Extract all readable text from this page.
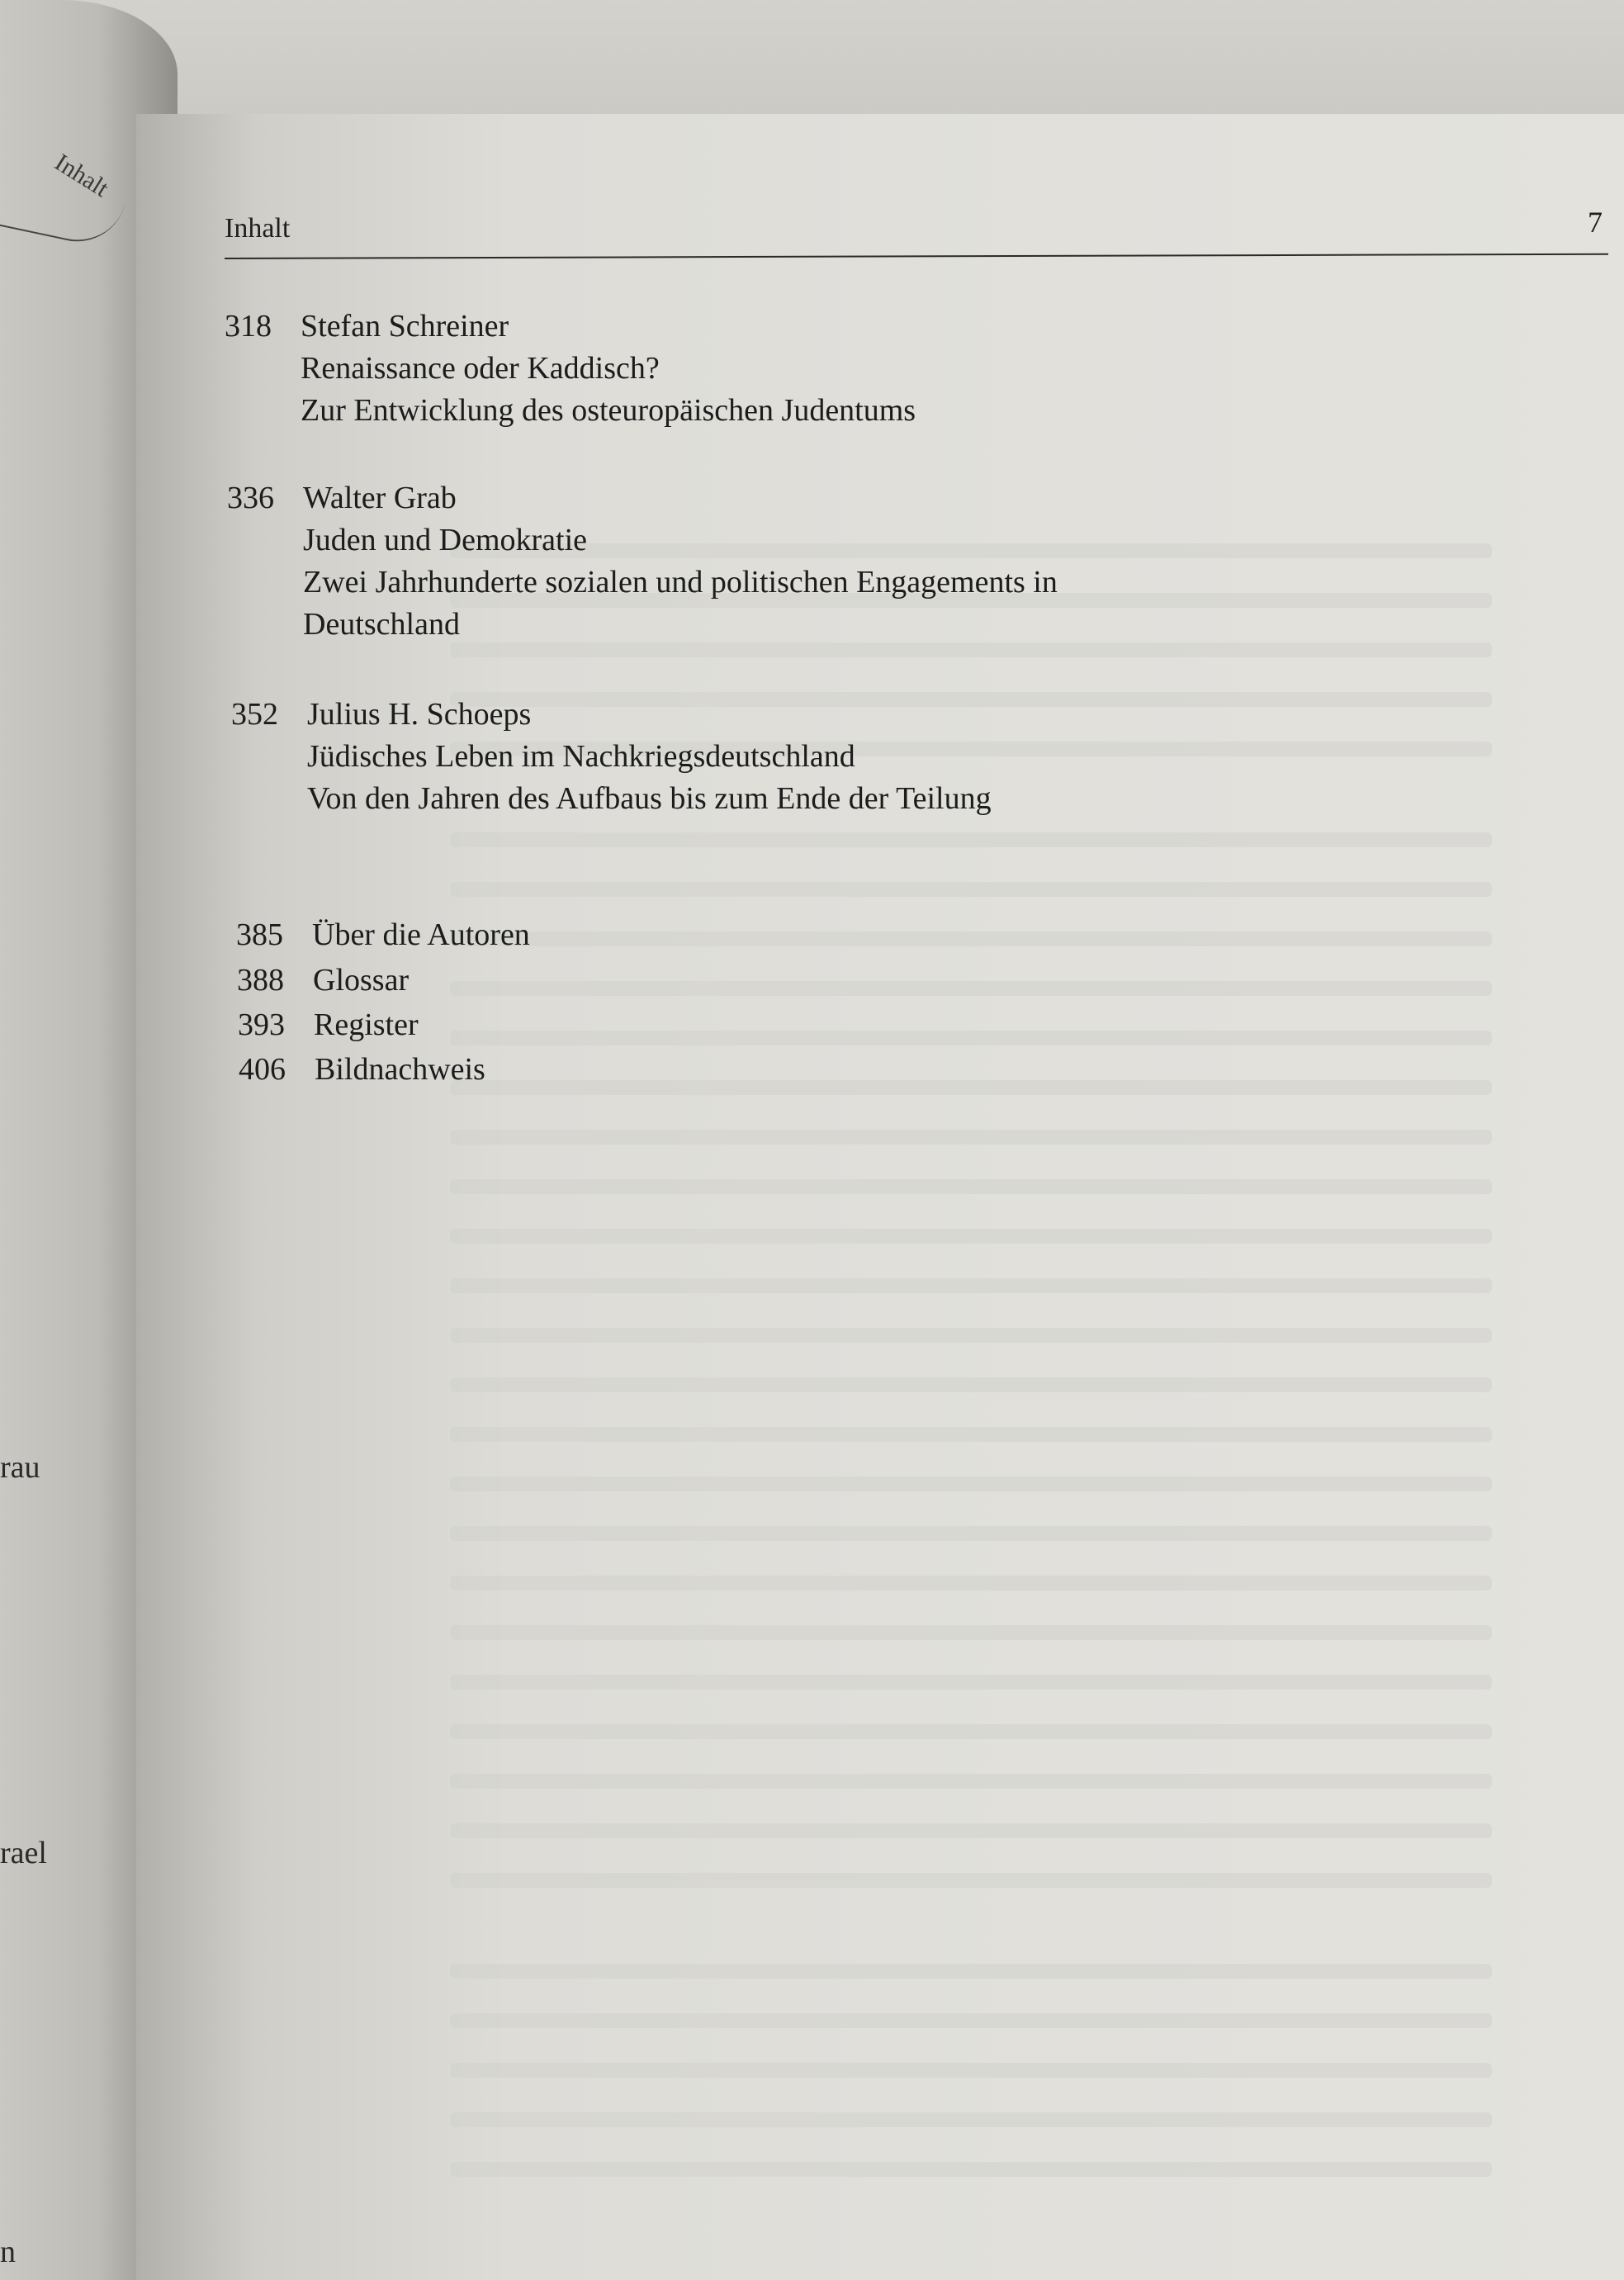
Inhalt
rau
rael
n
Inhalt	7
318 Stefan Schreiner
Renaissance oder Kaddisch?
Zur Entwicklung des osteuropäischen Judentums
336 Walter Grab
Juden und Demokratie
Zwei Jahrhunderte sozialen und politischen Engagements in
Deutschland
352 Julius H. Schoeps
Jüdisches Leben im Nachkriegsdeutschland
Von den Jahren des Aufbaus bis zum Ende der Teilung
385 Über die Autoren
388 Glossar
393 Register
406 Bildnachweis
